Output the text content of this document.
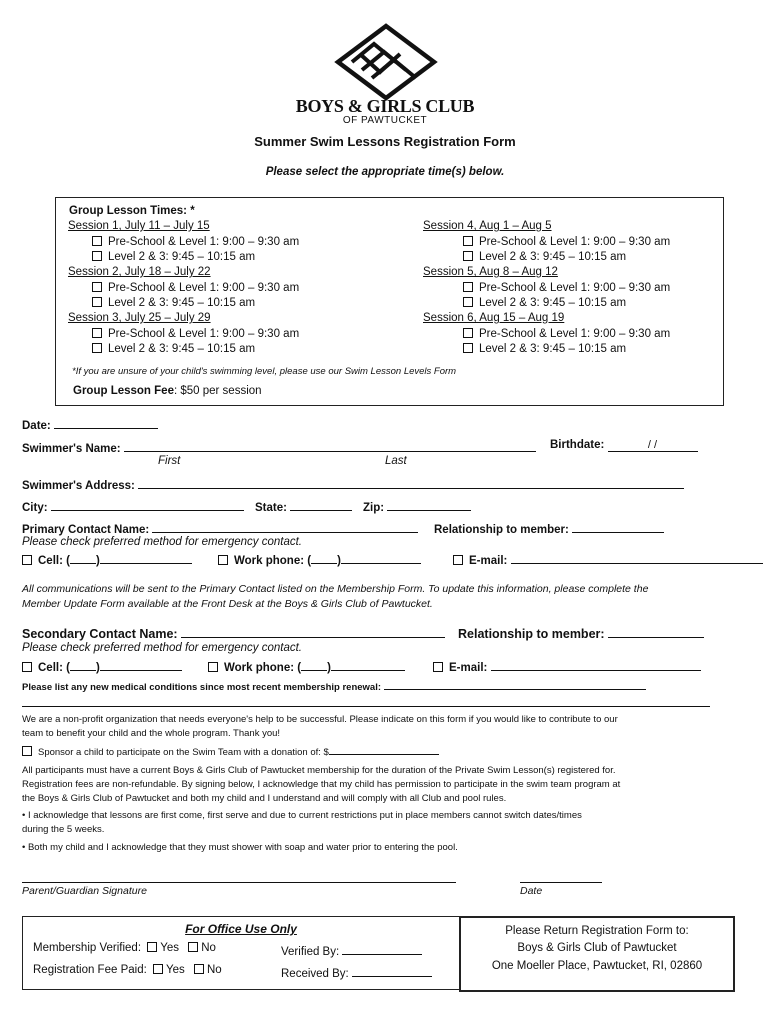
BOYS & GIRLS CLUB
OF PAWTUCKET
Summer Swim Lessons Registration Form
Please select the appropriate time(s) below.
Group Lesson Times: *
Session 1, July 11 – July 15
Pre-School & Level 1: 9:00 – 9:30 am
Level 2 & 3: 9:45 – 10:15 am
Session 2, July 18 – July 22
Pre-School & Level 1: 9:00 – 9:30 am
Level 2 & 3: 9:45 – 10:15 am
Session 3, July 25 – July 29
Pre-School & Level 1: 9:00 – 9:30 am
Level 2 & 3: 9:45 – 10:15 am
Session 4, Aug 1 – Aug 5
Pre-School & Level 1: 9:00 – 9:30 am
Level 2 & 3: 9:45 – 10:15 am
Session 5, Aug 8 – Aug 12
Pre-School & Level 1: 9:00 – 9:30 am
Level 2 & 3: 9:45 – 10:15 am
Session 6, Aug 15 – Aug 19
Pre-School & Level 1: 9:00 – 9:30 am
Level 2 & 3: 9:45 – 10:15 am
*If you are unsure of your child's swimming level, please use our Swim Lesson Levels Form
Group Lesson Fee: $50 per session
Date:
Swimmer's Name:	Birthdate:	/ /
First	Last
Swimmer's Address:
City:	State:	Zip:
Primary Contact Name:	Relationship to member:
Please check preferred method for emergency contact.
Cell: ( )	Work phone: ( )	E-mail:
All communications will be sent to the Primary Contact listed on the Membership Form. To update this information, please complete the
Member Update Form available at the Front Desk at the Boys & Girls Club of Pawtucket.
Secondary Contact Name:	Relationship to member:
Please check preferred method for emergency contact.
Cell: ( )	Work phone: ( )	E-mail:
Please list any new medical conditions since most recent membership renewal:
We are a non-profit organization that needs everyone's help to be successful. Please indicate on this form if you would like to contribute to our
team to benefit your child and the whole program. Thank you!
Sponsor a child to participate on the Swim Team with a donation of: $
All participants must have a current Boys & Girls Club of Pawtucket membership for the duration of the Private Swim Lesson(s) registered for.
Registration fees are non-refundable. By signing below, I acknowledge that my child has permission to participate in the swim team program at
the Boys & Girls Club of Pawtucket and both my child and I understand and will comply with all Club and pool rules.
• I acknowledge that lessons are first come, first serve and due to current restrictions put in place members cannot switch dates/times
during the 5 weeks.
• Both my child and I acknowledge that they must shower with soap and water prior to entering the pool.
Parent/Guardian Signature	Date
For Office Use Only
Membership Verified: Yes No	Verified By:
Registration Fee Paid: Yes No	Received By:
Please Return Registration Form to:
Boys & Girls Club of Pawtucket
One Moeller Place, Pawtucket, RI, 02860
